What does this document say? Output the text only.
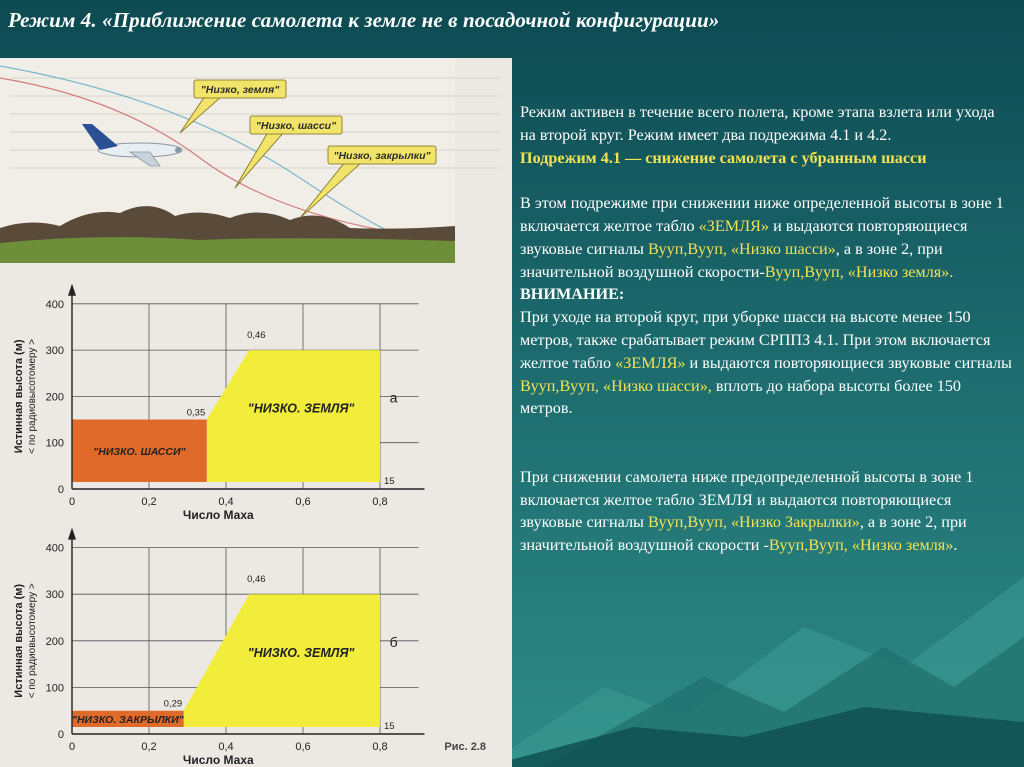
Режим 4. «Приближение самолета к земле не в посадочной конфигурации»
"Низко, земля"
"Низко, шасси"
"Низко, закрылки"
0	0,2	0,4	0,6	0,8
0
100
200
300
400
Число Маха
Истинная высота (м) < по радиовысотомеру >
0,46
0,35
15
а
"НИЗКО. ЗЕМЛЯ"
"НИЗКО. ШАССИ"
0	0,2	0,4	0,6	0,8
0
100
200
300
400
Число Маха
Истинная высота (м) < по радиовысотомеру >
0,46
0,29
15
б
"НИЗКО. ЗЕМЛЯ"
"НИЗКО. ЗАКРЫЛКИ"
Рис. 2.8

Режим активен в течение всего полета, кроме этапа взлета или ухода на второй круг. Режим имеет два подрежима 4.1 и 4.2.

Подрежим 4.1 — снижение самолета с убранным шасси

В этом подрежиме при снижении ниже определенной высоты в зоне 1 включается желтое табло «ЗЕМЛЯ» и выдаются повторяющиеся звуковые сигналы Вууп,Вууп, «Низко шасси», а в зоне 2, при значительной воздушной скорости-Вууп,Вууп, «Низко земля».

ВНИМАНИЕ:

При уходе на второй круг, при уборке шасси на высоте менее 150 метров, также срабатывает режим СРППЗ 4.1. При этом включается желтое табло «ЗЕМЛЯ» и выдаются повторяющиеся звуковые сигналы Вууп,Вууп, «Низко шасси», вплоть до набора высоты более 150 метров.

При снижении самолета ниже предопределенной высоты в зоне 1 включается желтое табло ЗЕМЛЯ и выдаются повторяющиеся звуковые сигналы Вууп,Вууп, «Низко Закрылки», а в зоне 2, при значительной воздушной скорости -Вууп,Вууп, «Низко земля».
